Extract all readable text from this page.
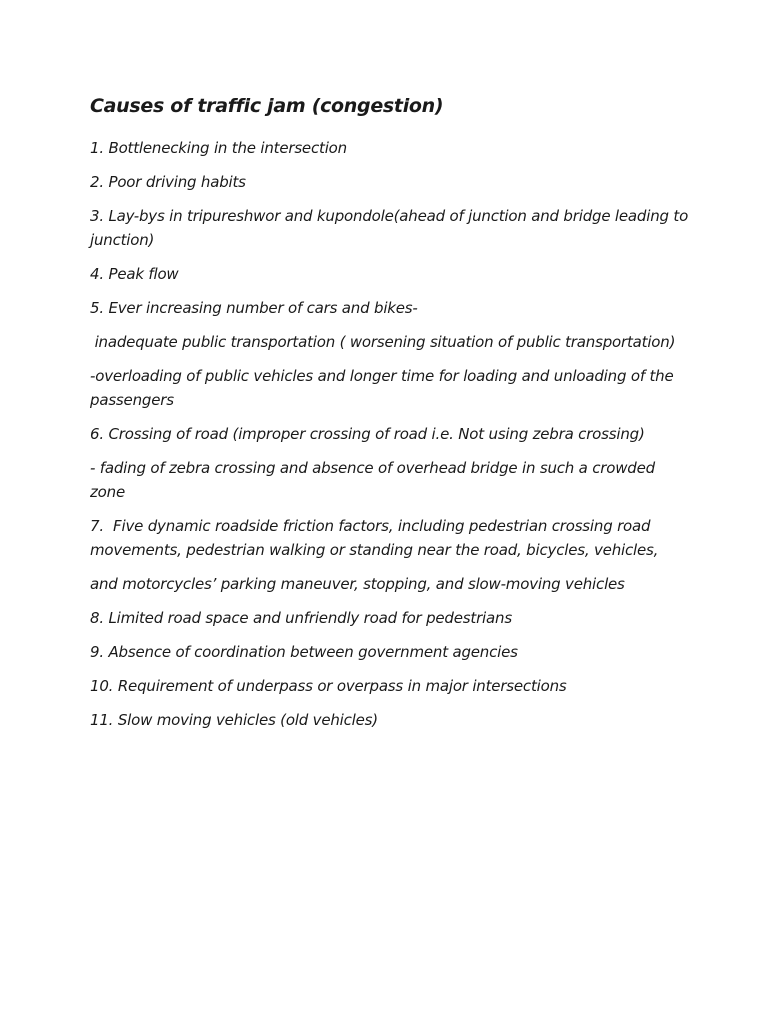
Causes of traffic jam (congestion)
1. Bottlenecking in the intersection
2. Poor driving habits
3. Lay-bys in tripureshwor and kupondole(ahead of junction and bridge leading to junction)
4. Peak flow
5. Ever increasing number of cars and bikes-
inadequate public transportation ( worsening situation of public transportation)
-overloading of public vehicles and longer time for loading and unloading of the passengers
6. Crossing of road (improper crossing of road i.e. Not using zebra crossing)
- fading of zebra crossing and absence of overhead bridge in such a crowded zone
7.  Five dynamic roadside friction factors, including pedestrian crossing road movements, pedestrian walking or standing near the road, bicycles, vehicles,
and motorcycles’ parking maneuver, stopping, and slow-moving vehicles
8. Limited road space and unfriendly road for pedestrians
9. Absence of coordination between government agencies
10. Requirement of underpass or overpass in major intersections
11. Slow moving vehicles (old vehicles)
